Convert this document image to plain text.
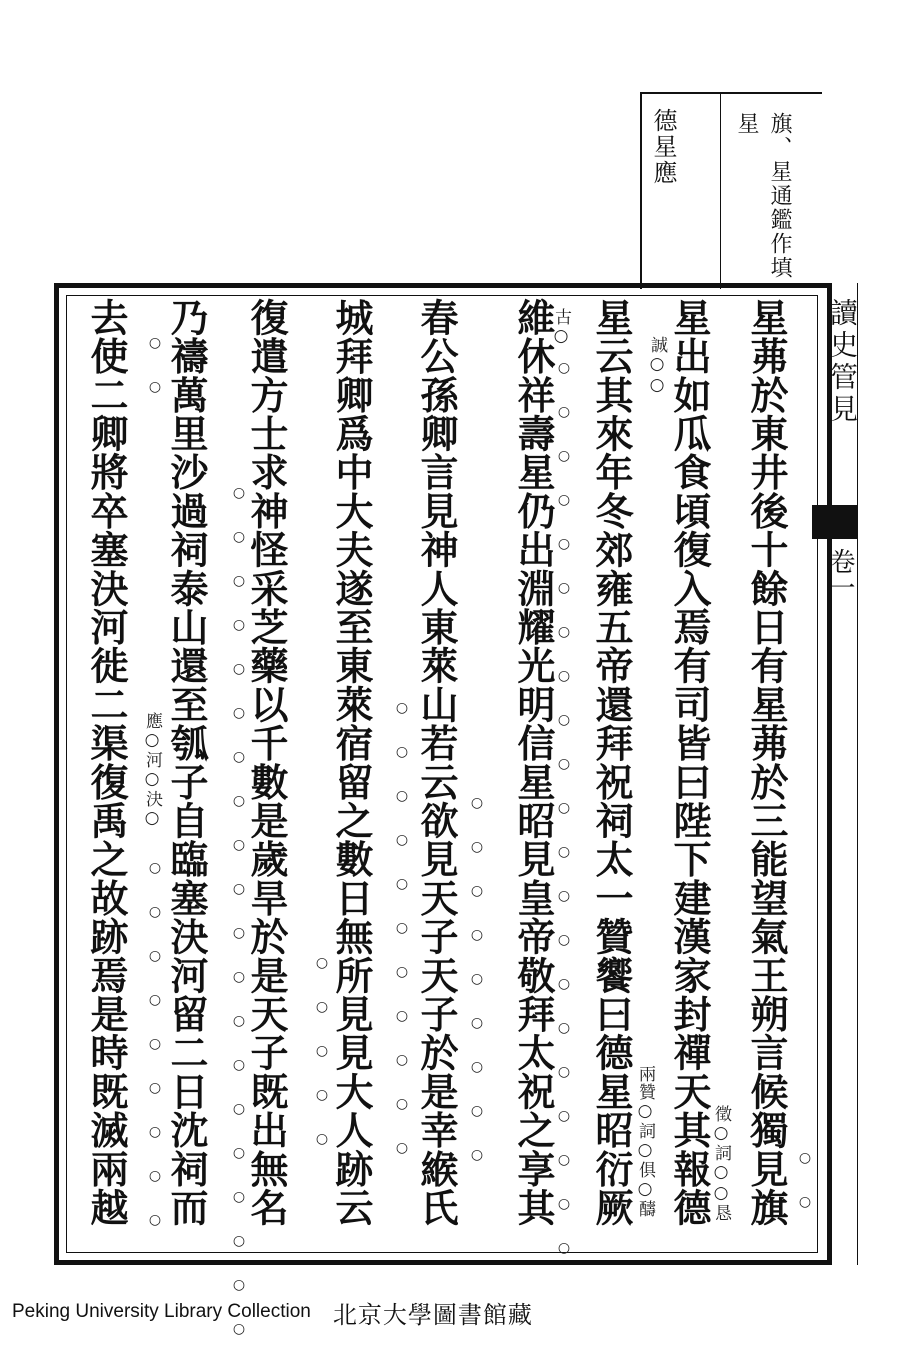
旗、星通鑑作填
星
德星應
讀史管見
卷一
星茀於東井後十餘日有星茀於三能望氣王朔言候獨見旗
星出如瓜食頃復入焉有司皆曰陛下建漢家封禪天其報德
星云其來年冬郊雍五帝還拜祝祠太一贊饗曰德星昭衍厥
維休祥壽星仍出淵耀光明信星昭見皇帝敬拜太祝之享其
春公孫卿言見神人東萊山若云欲見天子天子於是幸緱氏
城拜卿爲中大夫遂至東萊宿留之數日無所見見大人跡云
復遣方士求神怪采芝藥以千數是歲旱於是天子既出無名
乃禱萬里沙過祠泰山還至瓠子自臨塞決河留二日沈祠而
去使二卿將卒塞決河徙二渠復禹之故跡焉是時既滅兩越	徵○詞○○恳
誠○○
兩贊○詞○俱○醻
古○
應○河○決○
○○
○○○○○○○○○○○○○○○○○○○○○
○○○○○○○○○
○○○○○○○○○○○
○○○○○
○○○○○○○○○○○○○○○○○○○○
○○
○○○○○○○○○
Peking University Library Collection 北京大學圖書館藏
